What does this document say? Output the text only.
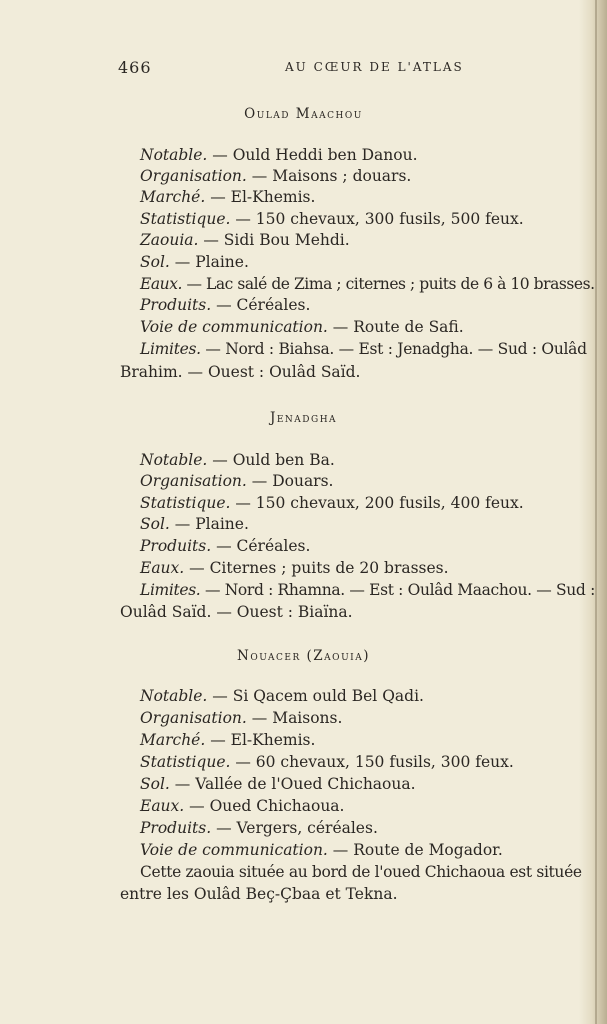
466	AU CŒUR DE L'ATLAS
Oulad Maachou
Notable. — Ould Heddi ben Danou.
Organisation. — Maisons ; douars.
Marché. — El-Khemis.
Statistique. — 150 chevaux, 300 fusils, 500 feux.
Zaouia. — Sidi Bou Mehdi.
Sol. — Plaine.
Eaux. — Lac salé de Zima ; citernes ; puits de 6 à 10 brasses.
Produits. — Céréales.
Voie de communication. — Route de Safi.
Limites. — Nord : Biahsa. — Est : Jenadgha. — Sud : Oulâd
Brahim. — Ouest : Oulâd Saïd.
Jenadgha
Notable. — Ould ben Ba.
Organisation. — Douars.
Statistique. — 150 chevaux, 200 fusils, 400 feux.
Sol. — Plaine.
Produits. — Céréales.
Eaux. — Citernes ; puits de 20 brasses.
Limites. — Nord : Rhamna. — Est : Oulâd Maachou. — Sud :
Oulâd Saïd. — Ouest : Biaïna.
Nouacer (Zaouia)
Notable. — Si Qacem ould Bel Qadi.
Organisation. — Maisons.
Marché. — El-Khemis.
Statistique. — 60 chevaux, 150 fusils, 300 feux.
Sol. — Vallée de l'Oued Chichaoua.
Eaux. — Oued Chichaoua.
Produits. — Vergers, céréales.
Voie de communication. — Route de Mogador.
Cette zaouia située au bord de l'oued Chichaoua est située
entre les Oulâd Beç-Çbaa et Tekna.
